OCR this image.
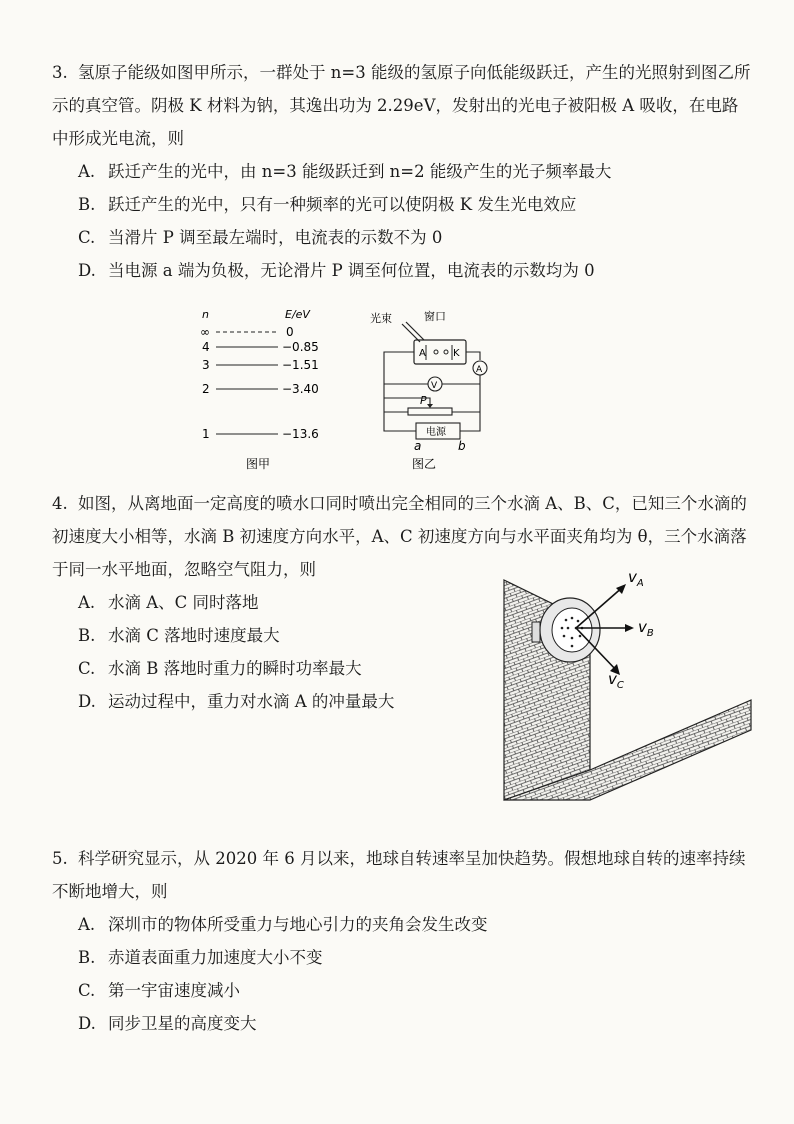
3. 氢原子能级如图甲所示，一群处于 n=3 能级的氢原子向低能级跃迁，产生的光照射到图乙所示的真空管。阴极 K 材料为钠，其逸出功为 2.29eV，发射出的光电子被阳极 A 吸收，在电路中形成光电流，则

A. 跃迁产生的光中，由 n=3 能级跃迁到 n=2 能级产生的光子频率最大

B. 跃迁产生的光中，只有一种频率的光可以使阴极 K 发生光电效应

C. 当滑片 P 调至最左端时，电流表的示数不为 0

D. 当电源 a 端为负极，无论滑片 P 调至何位置，电流表的示数均为 0

n	E/eV
∞	0
4	−0.85
3	−1.51
2	−3.40
1	−13.6
图甲
光束	窗口
A	K
A
V
P
电源
a	b
图乙

4. 如图，从离地面一定高度的喷水口同时喷出完全相同的三个水滴 A、B、C，已知三个水滴的初速度大小相等，水滴 B 初速度方向水平，A、C 初速度方向与水平面夹角均为 θ，三个水滴落于同一水平地面，忽略空气阻力，则

A. 水滴 A、C 同时落地

B. 水滴 C 落地时速度最大

C. 水滴 B 落地时重力的瞬时功率最大

D. 运动过程中，重力对水滴 A 的冲量最大

$v_A$
$v_B$
$v_C$

5. 科学研究显示，从 2020 年 6 月以来，地球自转速率呈加快趋势。假想地球自转的速率持续不断地增大，则

A. 深圳市的物体所受重力与地心引力的夹角会发生改变

B. 赤道表面重力加速度大小不变

C. 第一宇宙速度减小

D. 同步卫星的高度变大
